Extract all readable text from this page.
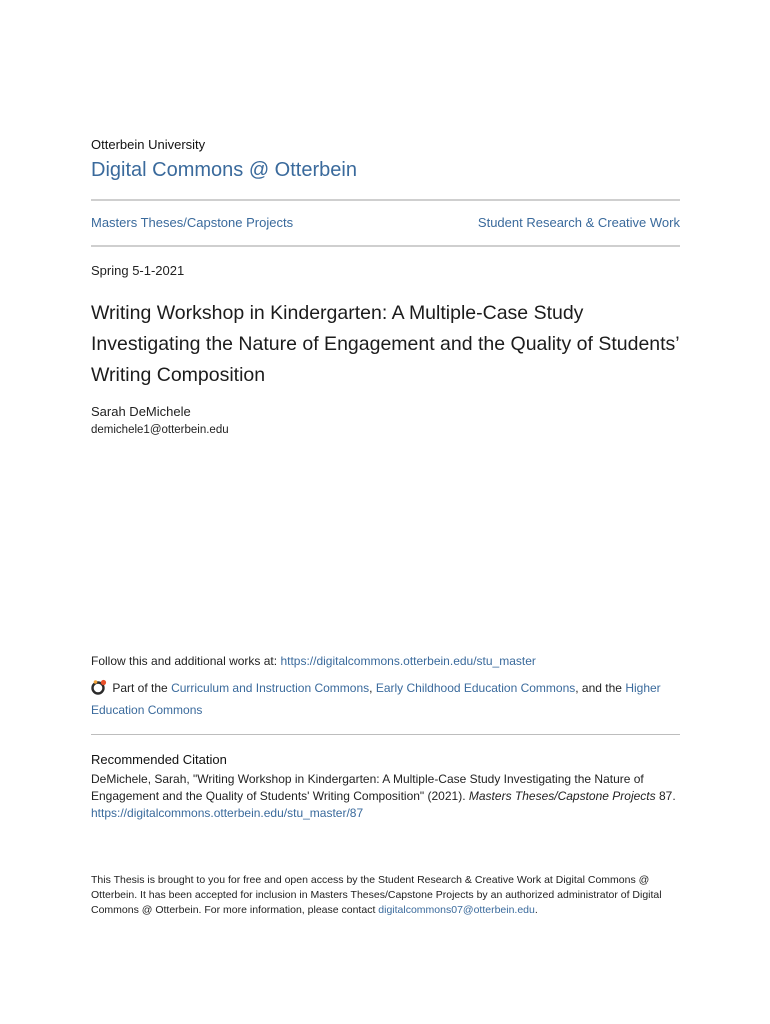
Otterbein University
Digital Commons @ Otterbein
Masters Theses/Capstone Projects	Student Research & Creative Work
Spring 5-1-2021
Writing Workshop in Kindergarten: A Multiple-Case Study Investigating the Nature of Engagement and the Quality of Students’ Writing Composition
Sarah DeMichele
demichele1@otterbein.edu
Follow this and additional works at: https://digitalcommons.otterbein.edu/stu_master
Part of the Curriculum and Instruction Commons, Early Childhood Education Commons, and the Higher Education Commons
Recommended Citation
DeMichele, Sarah, "Writing Workshop in Kindergarten: A Multiple-Case Study Investigating the Nature of Engagement and the Quality of Students' Writing Composition" (2021). Masters Theses/Capstone Projects 87.
https://digitalcommons.otterbein.edu/stu_master/87
This Thesis is brought to you for free and open access by the Student Research & Creative Work at Digital Commons @ Otterbein. It has been accepted for inclusion in Masters Theses/Capstone Projects by an authorized administrator of Digital Commons @ Otterbein. For more information, please contact digitalcommons07@otterbein.edu.
